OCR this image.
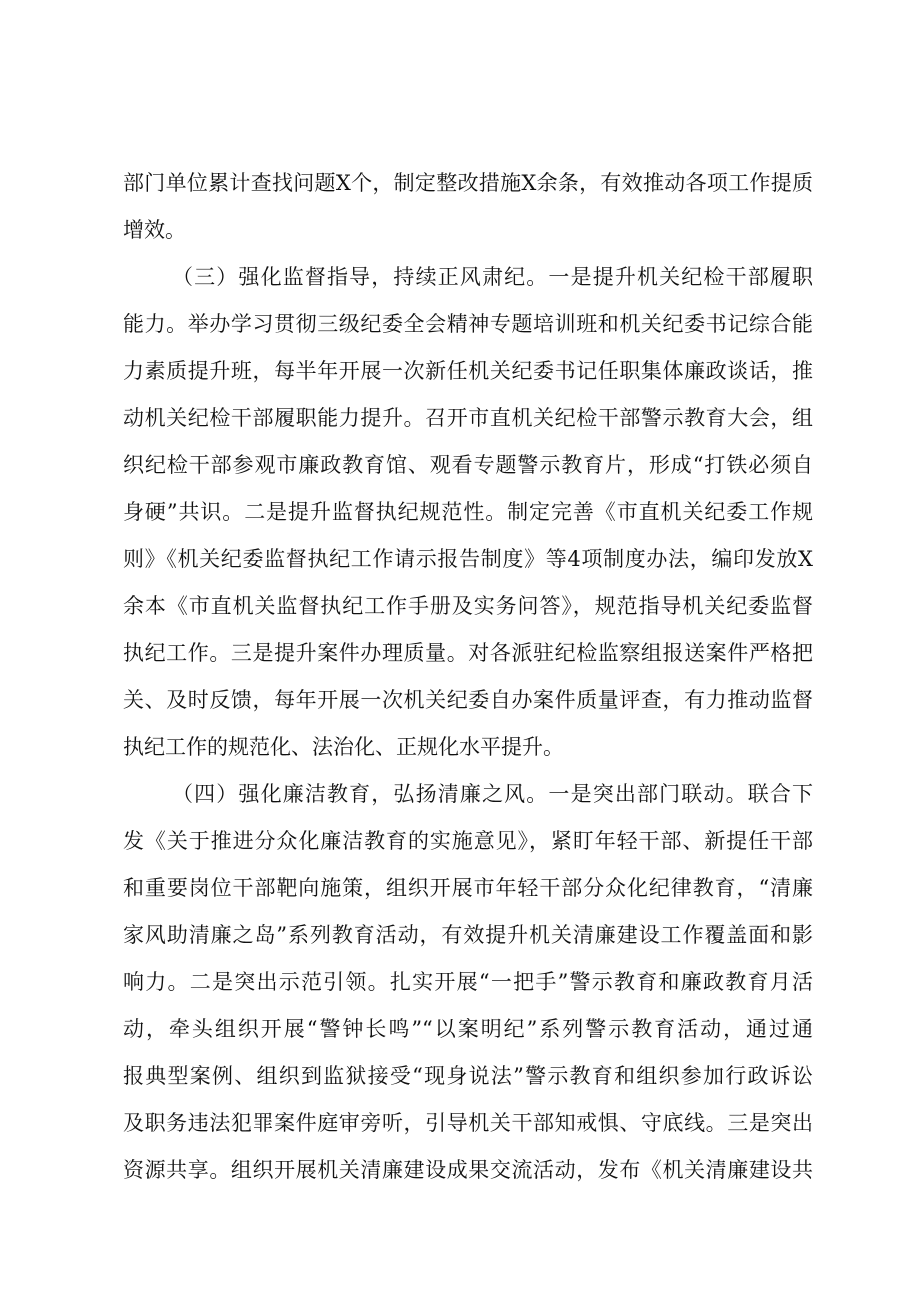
部门单位累计查找问题X个，制定整改措施X余条，有效推动各项工作提质
增效。
（三）强化监督指导，持续正风肃纪。一是提升机关纪检干部履职
能力。举办学习贯彻三级纪委全会精神专题培训班和机关纪委书记综合能
力素质提升班，每半年开展一次新任机关纪委书记任职集体廉政谈话，推
动机关纪检干部履职能力提升。召开市直机关纪检干部警示教育大会，组
织纪检干部参观市廉政教育馆、观看专题警示教育片，形成“打铁必须自
身硬”共识。二是提升监督执纪规范性。制定完善《市直机关纪委工作规
则》《机关纪委监督执纪工作请示报告制度》等4项制度办法，编印发放X
余本《市直机关监督执纪工作手册及实务问答》，规范指导机关纪委监督
执纪工作。三是提升案件办理质量。对各派驻纪检监察组报送案件严格把
关、及时反馈，每年开展一次机关纪委自办案件质量评查，有力推动监督
执纪工作的规范化、法治化、正规化水平提升。
（四）强化廉洁教育，弘扬清廉之风。一是突出部门联动。联合下
发《关于推进分众化廉洁教育的实施意见》，紧盯年轻干部、新提任干部
和重要岗位干部靶向施策，组织开展市年轻干部分众化纪律教育，“清廉
家风助清廉之岛”系列教育活动，有效提升机关清廉建设工作覆盖面和影
响力。二是突出示范引领。扎实开展“一把手”警示教育和廉政教育月活
动，牵头组织开展“警钟长鸣”“以案明纪”系列警示教育活动，通过通
报典型案例、组织到监狱接受“现身说法”警示教育和组织参加行政诉讼
及职务违法犯罪案件庭审旁听，引导机关干部知戒惧、守底线。三是突出
资源共享。组织开展机关清廉建设成果交流活动，发布《机关清廉建设共
